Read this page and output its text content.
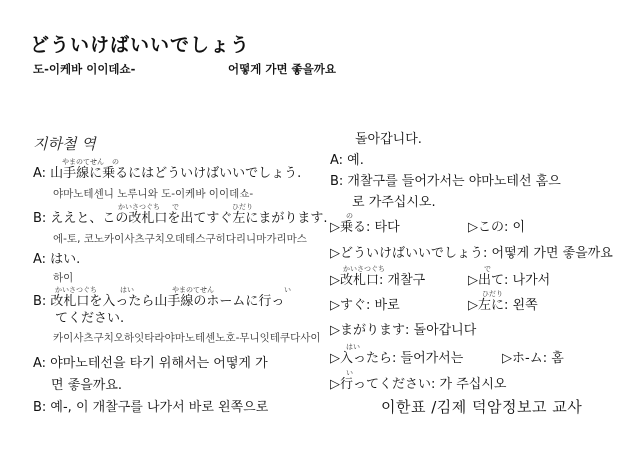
どういけばいいでしょう
도-이케바 이이데쇼-	어떻게 가면 좋을까요
지하철 역
やまのてせん の
A: 山手線に乗るにはどういけばいいでしょう.
야마노테센니 노루니와 도-이케바 이이데쇼-
かいさつぐち で	ひだり
B: ええと、この改札口を出てすぐ左にまがります.
에-토, 코노카이사츠구치오데테스구히다리니마가리마스
A: はい.
하이
かいさつぐち	はい	やまのてせん	い
B: 改札口を入ったら山手線のホームに行っ
てください.
카이사츠구치오하잇타라야마노테센노호-무니잇테쿠다사이
A: 야마노테선을 타기 위해서는 어떻게 가
면 좋을까요.
B: 예-, 이 개찰구를 나가서 바로 왼쪽으로
돌아갑니다.
A: 예.
B: 개찰구를 들어가서는 야마노테선 홈으
로 가주십시오.
の
▷乗る: 타다	▷この: 이
▷どういけばいいでしょう: 어떻게 가면 좋을까요
かいさつぐち
▷改札口: 개찰구
で
▷出て: 나가서
▷すぐ: 바로
ひだり
▷左に: 왼쪽
▷まがります: 돌아갑니다
はい
▷入ったら: 들어가서는	▷ホ-ム: 홈
い
▷行ってください: 가 주십시오
이한표 /김제 덕암정보고 교사
